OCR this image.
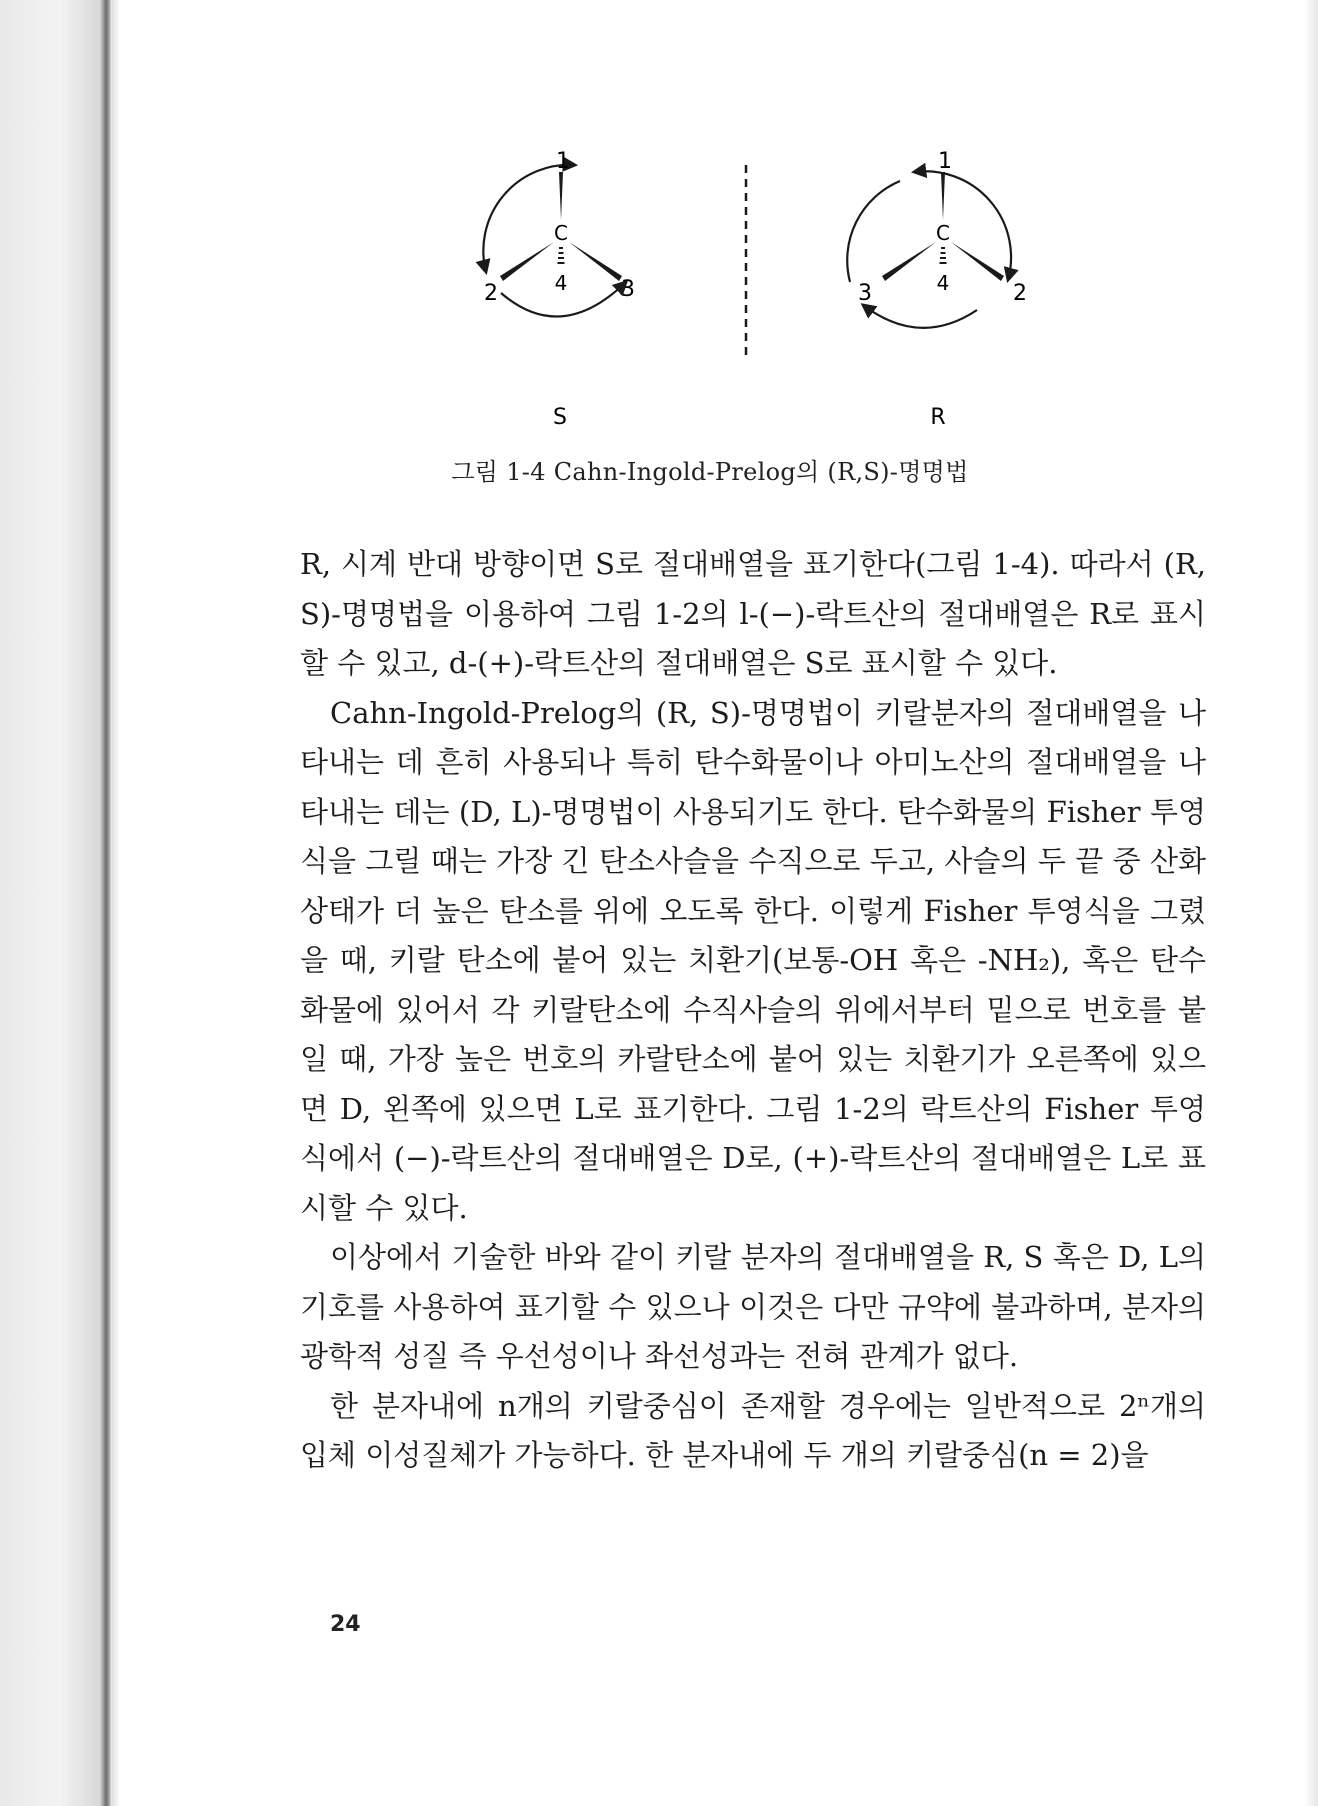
C
1
2	3
4
S
C
1
2
3	4
R
그림 1-4 Cahn-Ingold-Prelog의 (R,S)-명명법

R, 시계 반대 방향이면 S로 절대배열을 표기한다(그림 1-4). 따라서 (R, S)-명명법을 이용하여 그림 1-2의 l-(−)-락트산의 절대배열은 R로 표시할 수 있고, d-(+)-락트산의 절대배열은 S로 표시할 수 있다.

Cahn-Ingold-Prelog의 (R, S)-명명법이 키랄분자의 절대배열을 나타내는 데 흔히 사용되나 특히 탄수화물이나 아미노산의 절대배열을 나타내는 데는 (D, L)-명명법이 사용되기도 한다. 탄수화물의 Fisher 투영식을 그릴 때는 가장 긴 탄소사슬을 수직으로 두고, 사슬의 두 끝 중 산화상태가 더 높은 탄소를 위에 오도록 한다. 이렇게 Fisher 투영식을 그렸을 때, 키랄 탄소에 붙어 있는 치환기(보통-OH 혹은 -NH₂), 혹은 탄수화물에 있어서 각 키랄탄소에 수직사슬의 위에서부터 밑으로 번호를 붙일 때, 가장 높은 번호의 카랄탄소에 붙어 있는 치환기가 오른쪽에 있으면 D, 왼쪽에 있으면 L로 표기한다. 그림 1-2의 락트산의 Fisher 투영식에서 (−)-락트산의 절대배열은 D로, (+)-락트산의 절대배열은 L로 표시할 수 있다.

이상에서 기술한 바와 같이 키랄 분자의 절대배열을 R, S 혹은 D, L의 기호를 사용하여 표기할 수 있으나 이것은 다만 규약에 불과하며, 분자의 광학적 성질 즉 우선성이나 좌선성과는 전혀 관계가 없다.

한 분자내에 n개의 키랄중심이 존재할 경우에는 일반적으로 2ⁿ개의 입체 이성질체가 가능하다. 한 분자내에 두 개의 키랄중심(n = 2)을

24
